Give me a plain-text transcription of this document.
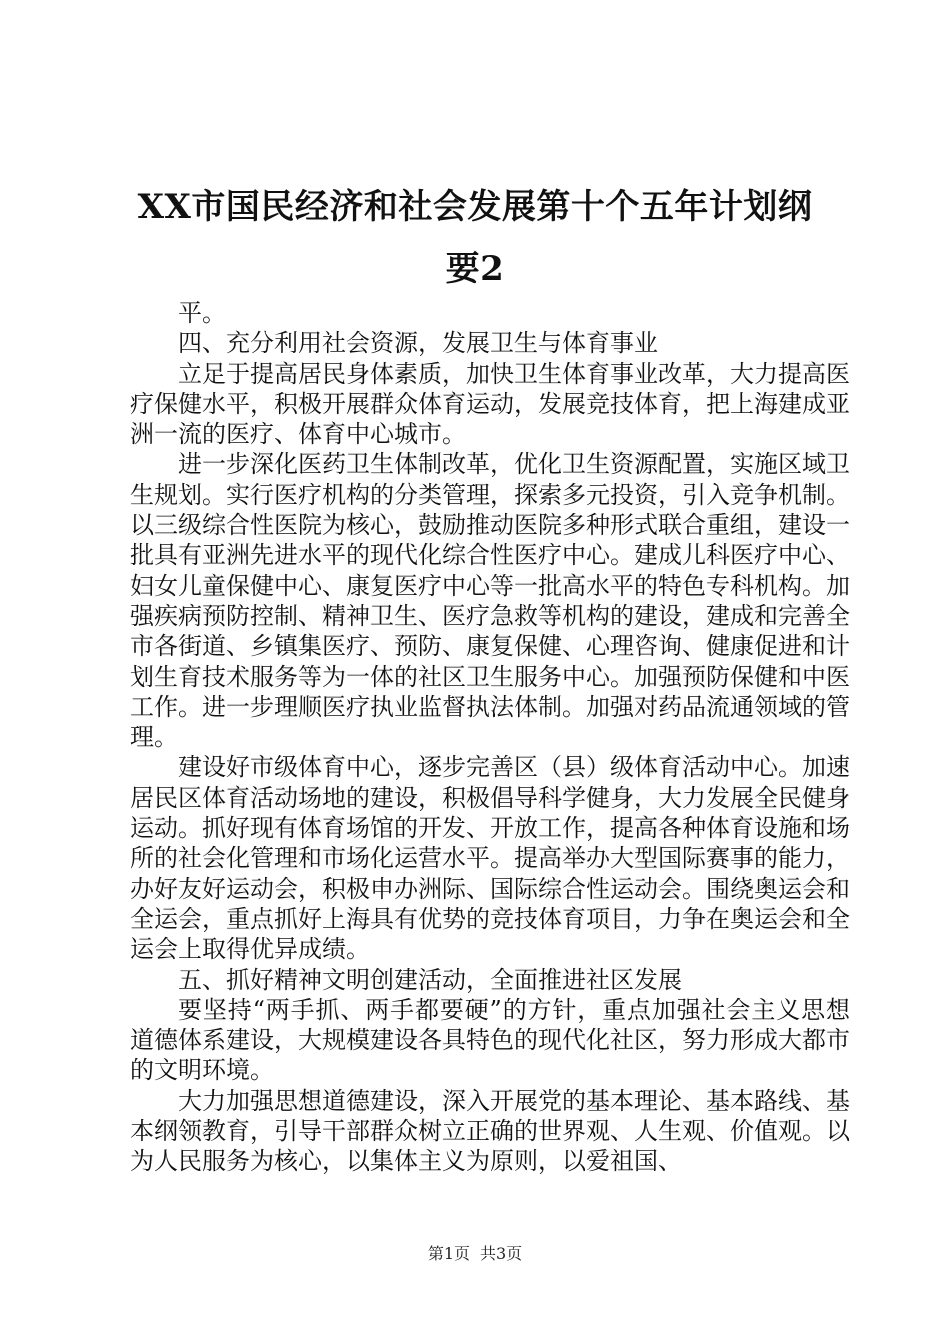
XX市国民经济和社会发展第十个五年计划纲
要2

平。

四、充分利用社会资源，发展卫生与体育事业

立足于提高居民身体素质，加快卫生体育事业改革，大力提高医疗保健水平，积极开展群众体育运动，发展竞技体育，把上海建成亚洲一流的医疗、体育中心城市。

进一步深化医药卫生体制改革，优化卫生资源配置，实施区域卫生规划。实行医疗机构的分类管理，探索多元投资，引入竞争机制。以三级综合性医院为核心，鼓励推动医院多种形式联合重组，建设一批具有亚洲先进水平的现代化综合性医疗中心。建成儿科医疗中心、妇女儿童保健中心、康复医疗中心等一批高水平的特色专科机构。加强疾病预防控制、精神卫生、医疗急救等机构的建设，建成和完善全市各街道、乡镇集医疗、预防、康复保健、心理咨询、健康促进和计划生育技术服务等为一体的社区卫生服务中心。加强预防保健和中医工作。进一步理顺医疗执业监督执法体制。加强对药品流通领域的管理。

建设好市级体育中心，逐步完善区（县）级体育活动中心。加速居民区体育活动场地的建设，积极倡导科学健身，大力发展全民健身运动。抓好现有体育场馆的开发、开放工作，提高各种体育设施和场所的社会化管理和市场化运营水平。提高举办大型国际赛事的能力，办好友好运动会，积极申办洲际、国际综合性运动会。围绕奥运会和全运会，重点抓好上海具有优势的竞技体育项目，力争在奥运会和全运会上取得优异成绩。

五、抓好精神文明创建活动，全面推进社区发展

要坚持“两手抓、两手都要硬”的方针，重点加强社会主义思想道德体系建设，大规模建设各具特色的现代化社区，努力形成大都市的文明环境。

大力加强思想道德建设，深入开展党的基本理论、基本路线、基本纲领教育，引导干部群众树立正确的世界观、人生观、价值观。以为人民服务为核心，以集体主义为原则，以爱祖国、

第1页 共3页
